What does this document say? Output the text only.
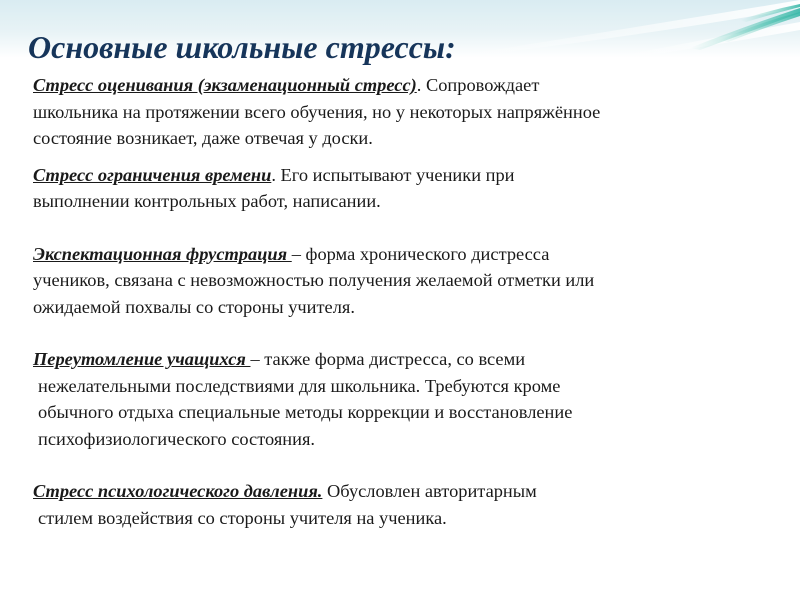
Основные школьные стрессы:
Стресс оценивания (экзаменационный стресс). Сопровождает
школьника на протяжении всего обучения, но у некоторых напряжённое
состояние возникает, даже отвечая у доски.
Стресс ограничения времени. Его испытывают ученики при
выполнении контрольных работ, написании.
Экспектационная фрустрация – форма хронического дистресса
учеников, связана с невозможностью получения желаемой отметки или
ожидаемой похвалы со стороны учителя.
Переутомление учащихся – также форма дистресса, со всеми
нежелательными последствиями для школьника. Требуются кроме
обычного отдыха специальные методы коррекции и восстановление
психофизиологического состояния.
Стресс психологического давления. Обусловлен авторитарным
стилем воздействия со стороны учителя на ученика.
